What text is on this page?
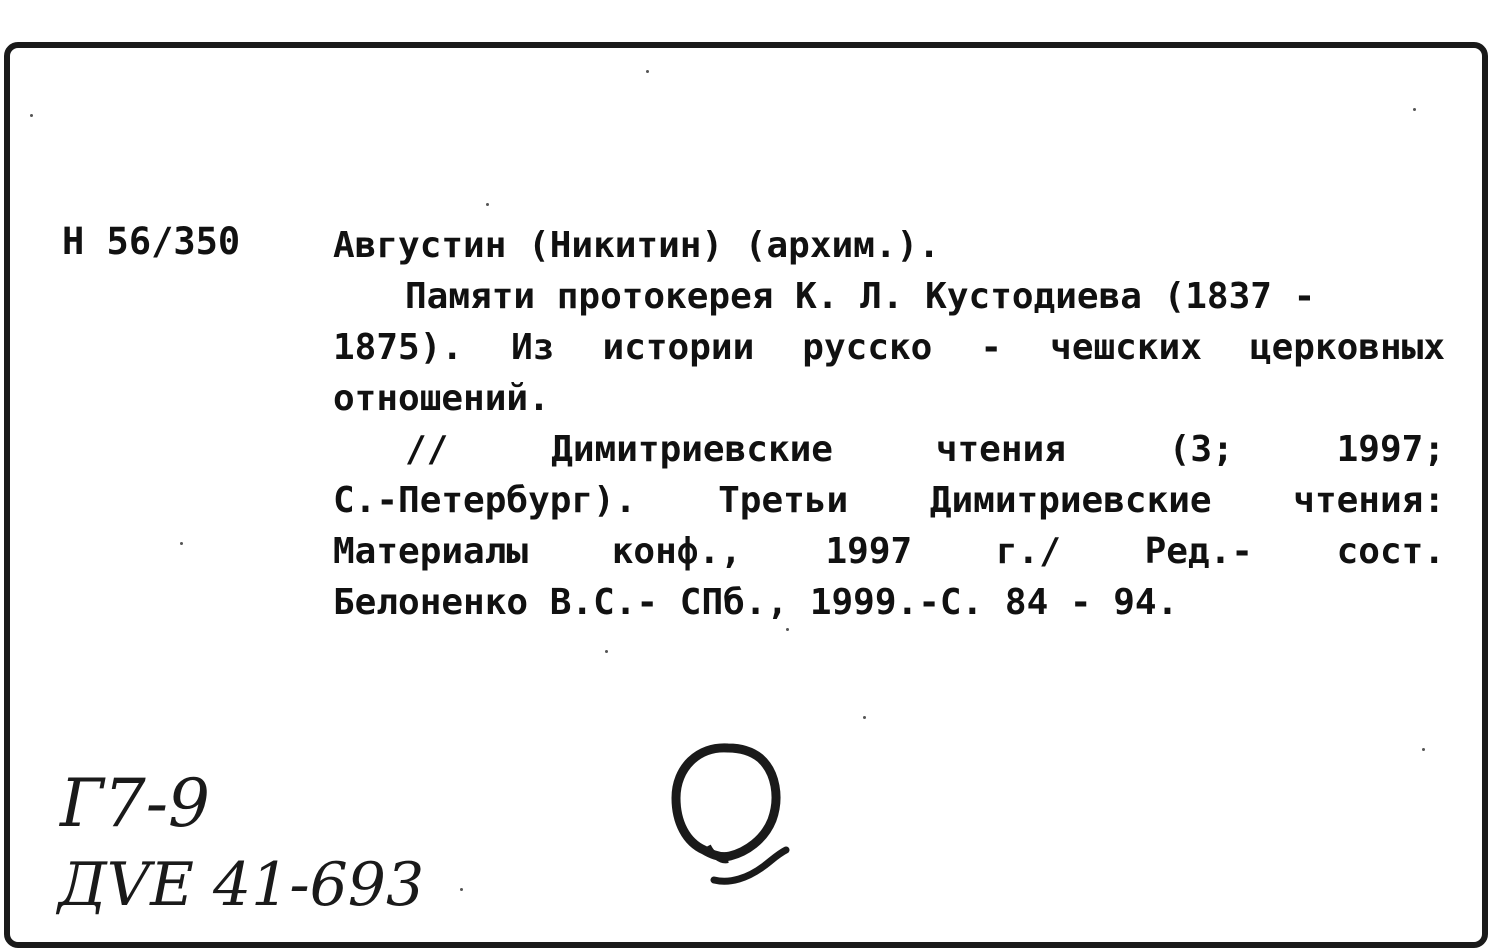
Н 56/350	Августин (Никитин) (архим.).
Памяти протокерея К. Л. Кустодиева (1837 -
1875). Из истории русско - чешских церковных
отношений.
// Димитриевские чтения (3; 1997;
С.-Петербург). Третьи Димитриевские чтения:
Материалы конф., 1997 г./ Ред.- сост.
Белоненко В.С.- СПб., 1999.-С. 84 - 94.
Г7-9
ДVЕ 41-693
